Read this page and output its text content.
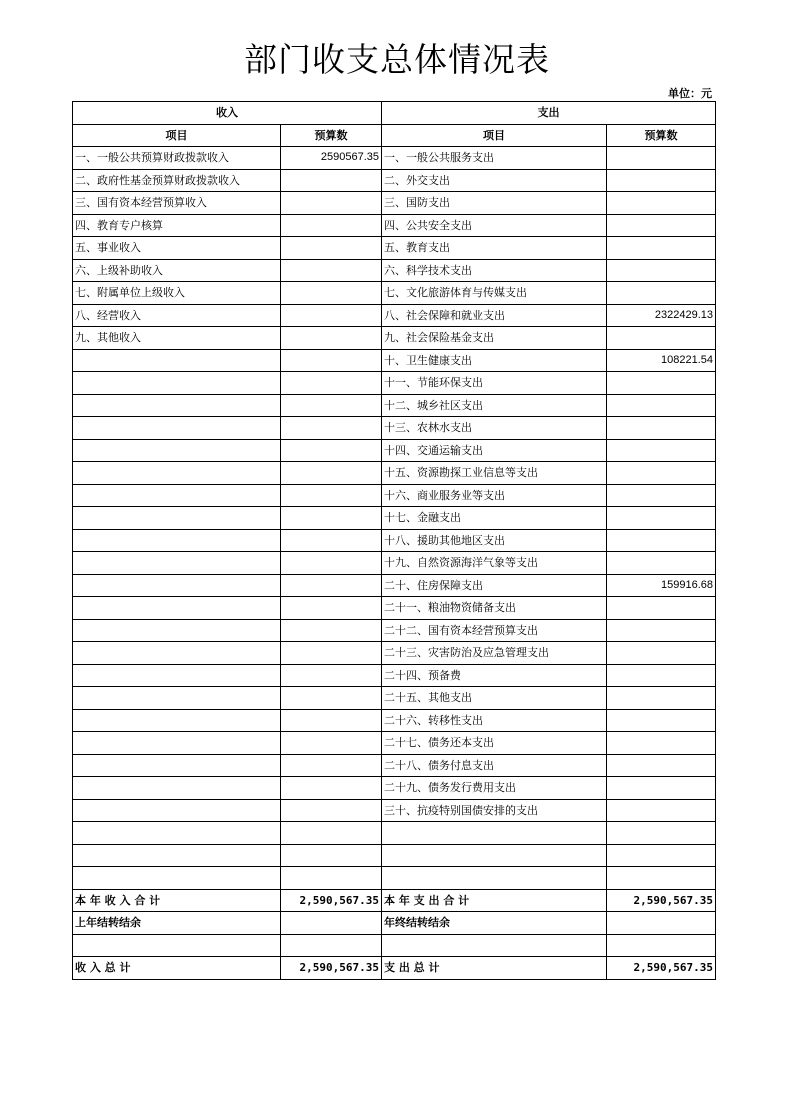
部门收支总体情况表
单位：元
收入		支出	
项目	预算数	项目	预算数
一、一般公共预算财政拨款收入	2590567.35	一、一般公共服务支出	
二、政府性基金预算财政拨款收入		二、外交支出	
三、国有资本经营预算收入		三、国防支出	
四、教育专户核算		四、公共安全支出	
五、事业收入		五、教育支出	
六、上级补助收入		六、科学技术支出	
七、附属单位上级收入		七、文化旅游体育与传媒支出	
八、经营收入		八、社会保障和就业支出	2322429.13
九、其他收入		九、社会保险基金支出	
		十、卫生健康支出	108221.54
		十一、节能环保支出	
		十二、城乡社区支出	
		十三、农林水支出	
		十四、交通运输支出	
		十五、资源勘探工业信息等支出	
		十六、商业服务业等支出	
		十七、金融支出	
		十八、援助其他地区支出	
		十九、自然资源海洋气象等支出	
		二十、住房保障支出	159916.68
		二十一、粮油物资储备支出	
		二十二、国有资本经营预算支出	
		二十三、灾害防治及应急管理支出	
		二十四、预备费	
		二十五、其他支出	
		二十六、转移性支出	
		二十七、债务还本支出	
		二十八、债务付息支出	
		二十九、债务发行费用支出	
		三十、抗疫特别国债安排的支出	

本 年 收 入 合 计	2,590,567.35	本 年 支 出 合 计	2,590,567.35
上年结转结余		年终结转结余	

收 入 总 计	2,590,567.35	支 出 总 计	2,590,567.35
